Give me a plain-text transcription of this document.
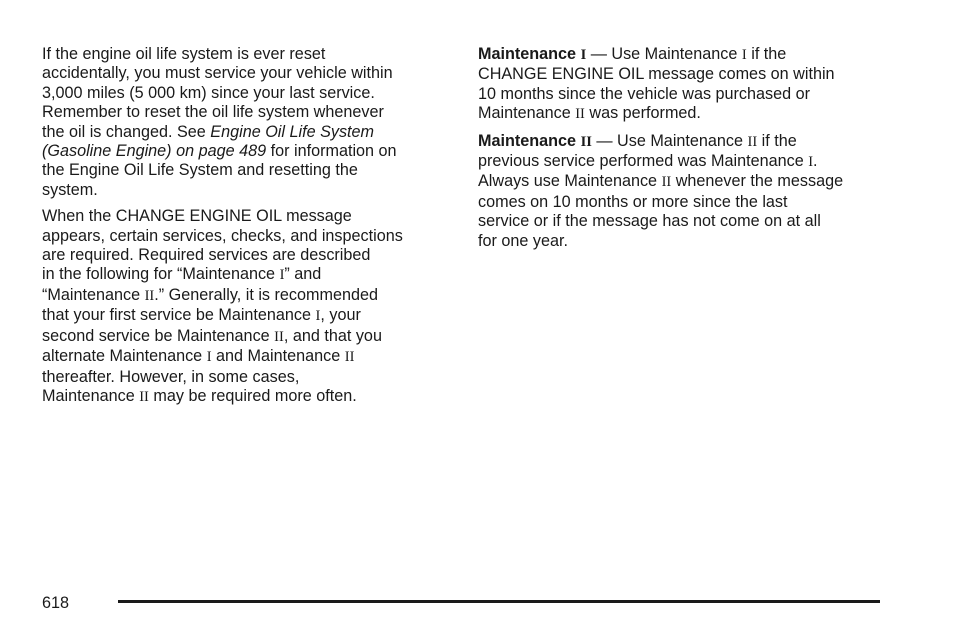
If the engine oil life system is ever reset
accidentally, you must service your vehicle within
3,000 miles (5 000 km) since your last service.
Remember to reset the oil life system whenever
the oil is changed. See Engine Oil Life System
(Gasoline Engine) on page 489 for information on
the Engine Oil Life System and resetting the
system.

When the CHANGE ENGINE OIL message
appears, certain services, checks, and inspections
are required. Required services are described
in the following for “Maintenance I” and
“Maintenance II.” Generally, it is recommended
that your first service be Maintenance I, your
second service be Maintenance II, and that you
alternate Maintenance I and Maintenance II
thereafter. However, in some cases,
Maintenance II may be required more often.

Maintenance I — Use Maintenance I if the
CHANGE ENGINE OIL message comes on within
10 months since the vehicle was purchased or
Maintenance II was performed.

Maintenance II — Use Maintenance II if the
previous service performed was Maintenance I.
Always use Maintenance II whenever the message
comes on 10 months or more since the last
service or if the message has not come on at all
for one year.

618
